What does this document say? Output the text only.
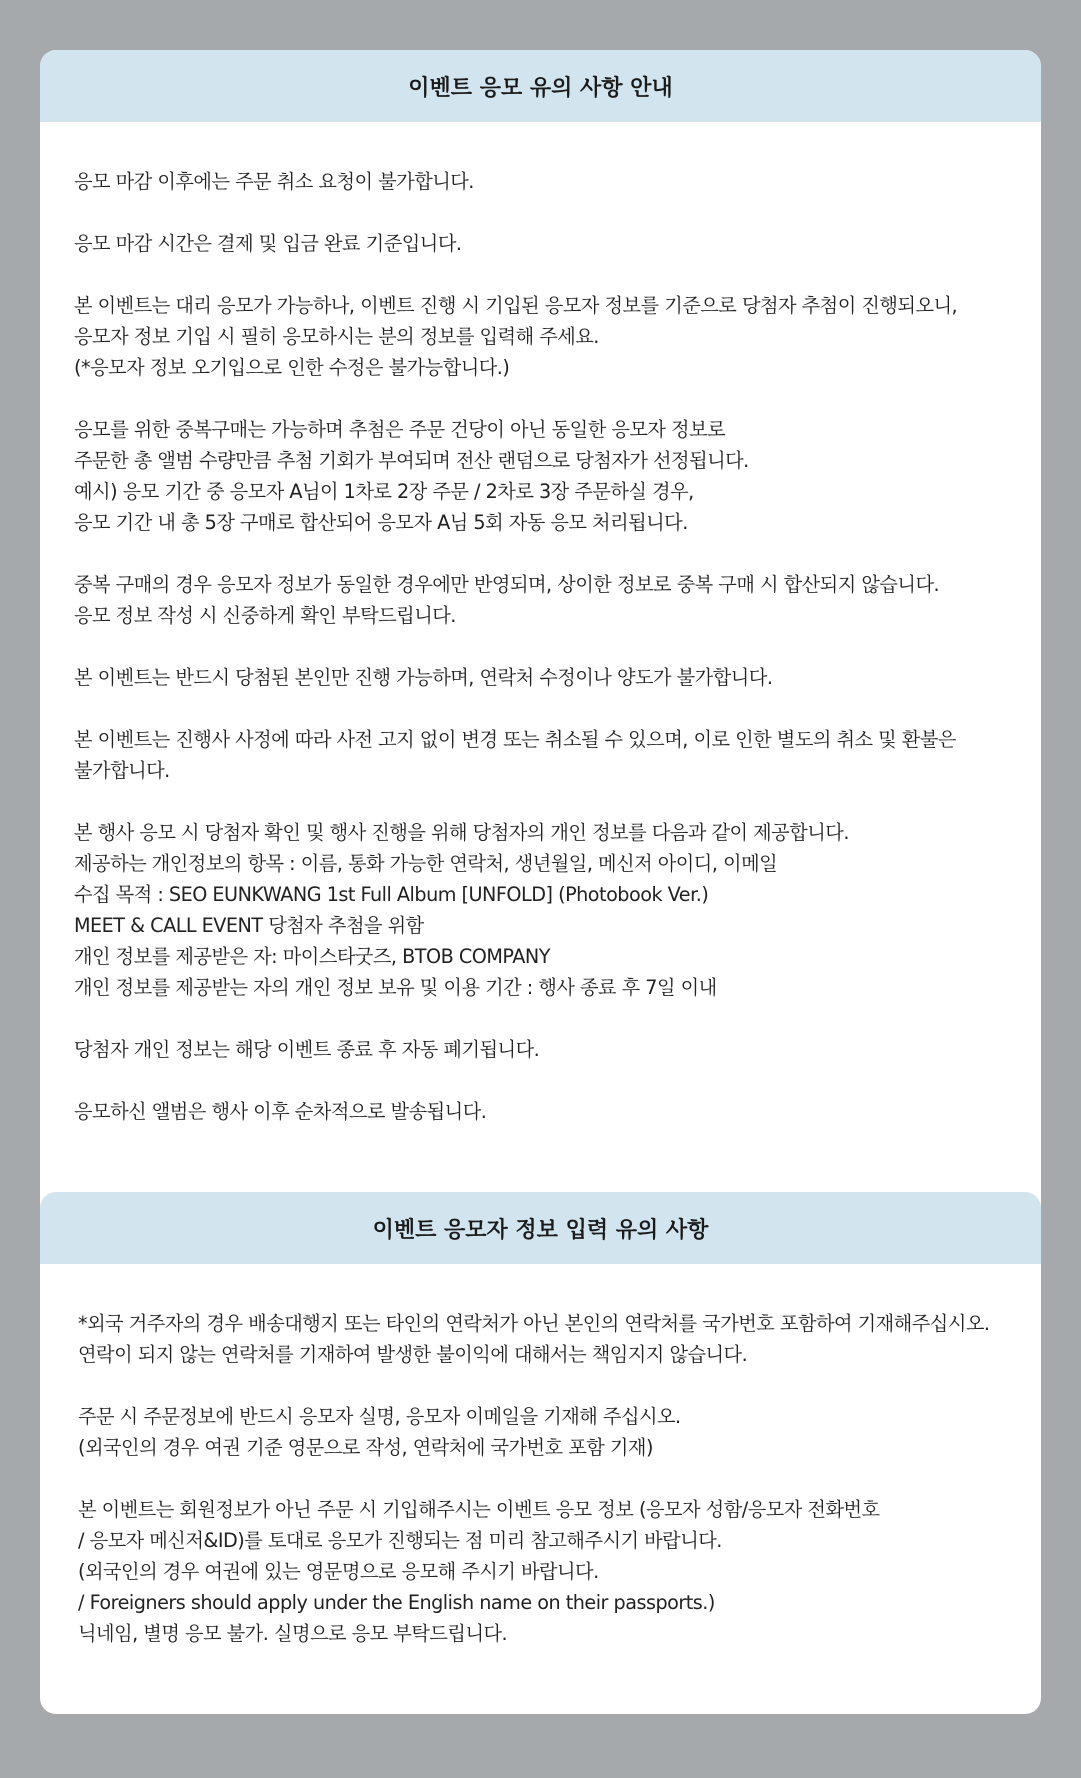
이벤트 응모 유의 사항 안내
응모 마감 이후에는 주문 취소 요청이 불가합니다.
응모 마감 시간은 결제 및 입금 완료 기준입니다.
본 이벤트는 대리 응모가 가능하나, 이벤트 진행 시 기입된 응모자 정보를 기준으로 당첨자 추첨이 진행되오니,
응모자 정보 기입 시 필히 응모하시는 분의 정보를 입력해 주세요.
(*응모자 정보 오기입으로 인한 수정은 불가능합니다.)
응모를 위한 중복구매는 가능하며 추첨은 주문 건당이 아닌 동일한 응모자 정보로
주문한 총 앨범 수량만큼 추첨 기회가 부여되며 전산 랜덤으로 당첨자가 선정됩니다.
예시) 응모 기간 중 응모자 A님이 1차로 2장 주문 / 2차로 3장 주문하실 경우,
응모 기간 내 총 5장 구매로 합산되어 응모자 A님 5회 자동 응모 처리됩니다.
중복 구매의 경우 응모자 정보가 동일한 경우에만 반영되며, 상이한 정보로 중복 구매 시 합산되지 않습니다.
응모 정보 작성 시 신중하게 확인 부탁드립니다.
본 이벤트는 반드시 당첨된 본인만 진행 가능하며, 연락처 수정이나 양도가 불가합니다.
본 이벤트는 진행사 사정에 따라 사전 고지 없이 변경 또는 취소될 수 있으며, 이로 인한 별도의 취소 및 환불은
불가합니다.
본 행사 응모 시 당첨자 확인 및 행사 진행을 위해 당첨자의 개인 정보를 다음과 같이 제공합니다.
제공하는 개인정보의 항목 : 이름, 통화 가능한 연락처, 생년월일, 메신저 아이디, 이메일
수집 목적 : SEO EUNKWANG 1st Full Album [UNFOLD] (Photobook Ver.)
MEET & CALL EVENT 당첨자 추첨을 위함
개인 정보를 제공받은 자: 마이스타굿즈, BTOB COMPANY
개인 정보를 제공받는 자의 개인 정보 보유 및 이용 기간 : 행사 종료 후 7일 이내
당첨자 개인 정보는 해당 이벤트 종료 후 자동 폐기됩니다.
응모하신 앨범은 행사 이후 순차적으로 발송됩니다.
이벤트 응모자 정보 입력 유의 사항
*외국 거주자의 경우 배송대행지 또는 타인의 연락처가 아닌 본인의 연락처를 국가번호 포함하여 기재해주십시오.
연락이 되지 않는 연락처를 기재하여 발생한 불이익에 대해서는 책임지지 않습니다.
주문 시 주문정보에 반드시 응모자 실명, 응모자 이메일을 기재해 주십시오.
(외국인의 경우 여권 기준 영문으로 작성, 연락처에 국가번호 포함 기재)
본 이벤트는 회원정보가 아닌 주문 시 기입해주시는 이벤트 응모 정보 (응모자 성함/응모자 전화번호
/ 응모자 메신저&ID)를 토대로 응모가 진행되는 점 미리 참고해주시기 바랍니다.
(외국인의 경우 여권에 있는 영문명으로 응모해 주시기 바랍니다.
/ Foreigners should apply under the English name on their passports.)
닉네임, 별명 응모 불가. 실명으로 응모 부탁드립니다.
